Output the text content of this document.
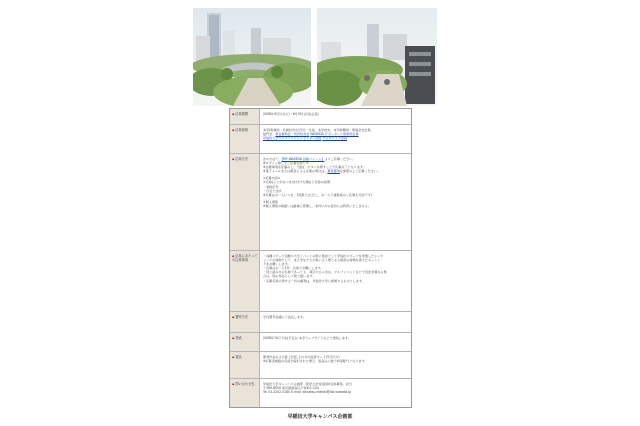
◆応募期間	2008年4月1日(火)〜6月30日(月)(必着)

◆応募資格	本学(附属校・系属校含む)学生・生徒、本学校友、本学教職員・関連会社社員、

稲門会、教旨賛助会・所沢校友会 WASEDA サポーターズ倶楽部会員

早稲田大学エクステンションセンター会員 ワセダクラブ会員

◆応募方法	次の方法で、【MY WASEDA 投稿フォーム】よりご応募ください。

※ログイン無しでご応募可能です。

※必要事項を記載の上、「送信」ボタンを押すことで応募完了となります。

※電子メールまたは郵送による応募の場合は、募集要項を参照の上ご応募ください。

<応募内容>

①名称(ふりがなつき)を付けた理由と名称の説明

・愛称記号

・氏名と住所

※応募はお一人につき、1回限り(ただし、お一人で複数案のご応募も可能です)

②個人情報

※個人情報の取扱いは厳重に管理し、本件以外の目的には利用いたしません。

◆応募にあたっての注意事項

・各種スポーツ活動や大学イベントの際に施設として早稲田スポーツを象徴したシンボ

リックな建物として、また学生たちが集い合う場となる施設の特徴を捉えたネーミン

グをお願いします。

・応募はお一人1件、名前でお願いします。

・同じ読み方の名称であっても、漢字やひらがな、アルファベットなどで表記が異なる場

合は、別の作品として取り扱います。

・応募名称に関する一切の権利は、早稲田大学に帰属するものとします。

◆選考方法	学内選考会議にて決定します。

◆発表	2008年10月下旬(予定)に本学ウェブサイトなどで発表します。

◆賞品	優秀作品および最上位賞 それぞれ図書カード(5万円分)

※応募者複数の名前が採択された場合、賞品は人数で均等配分となります。

◆問い合わせ先	早稲田大学キャンパス企画部「新記念会堂(仮称)名称募集」担当

〒169-8050 東京都新宿区戸塚町1-104

Tel 03-3202-5180 E-mail: shisetsu-meishi@list.waseda.jp

早稲田大学キャンパス企画部
